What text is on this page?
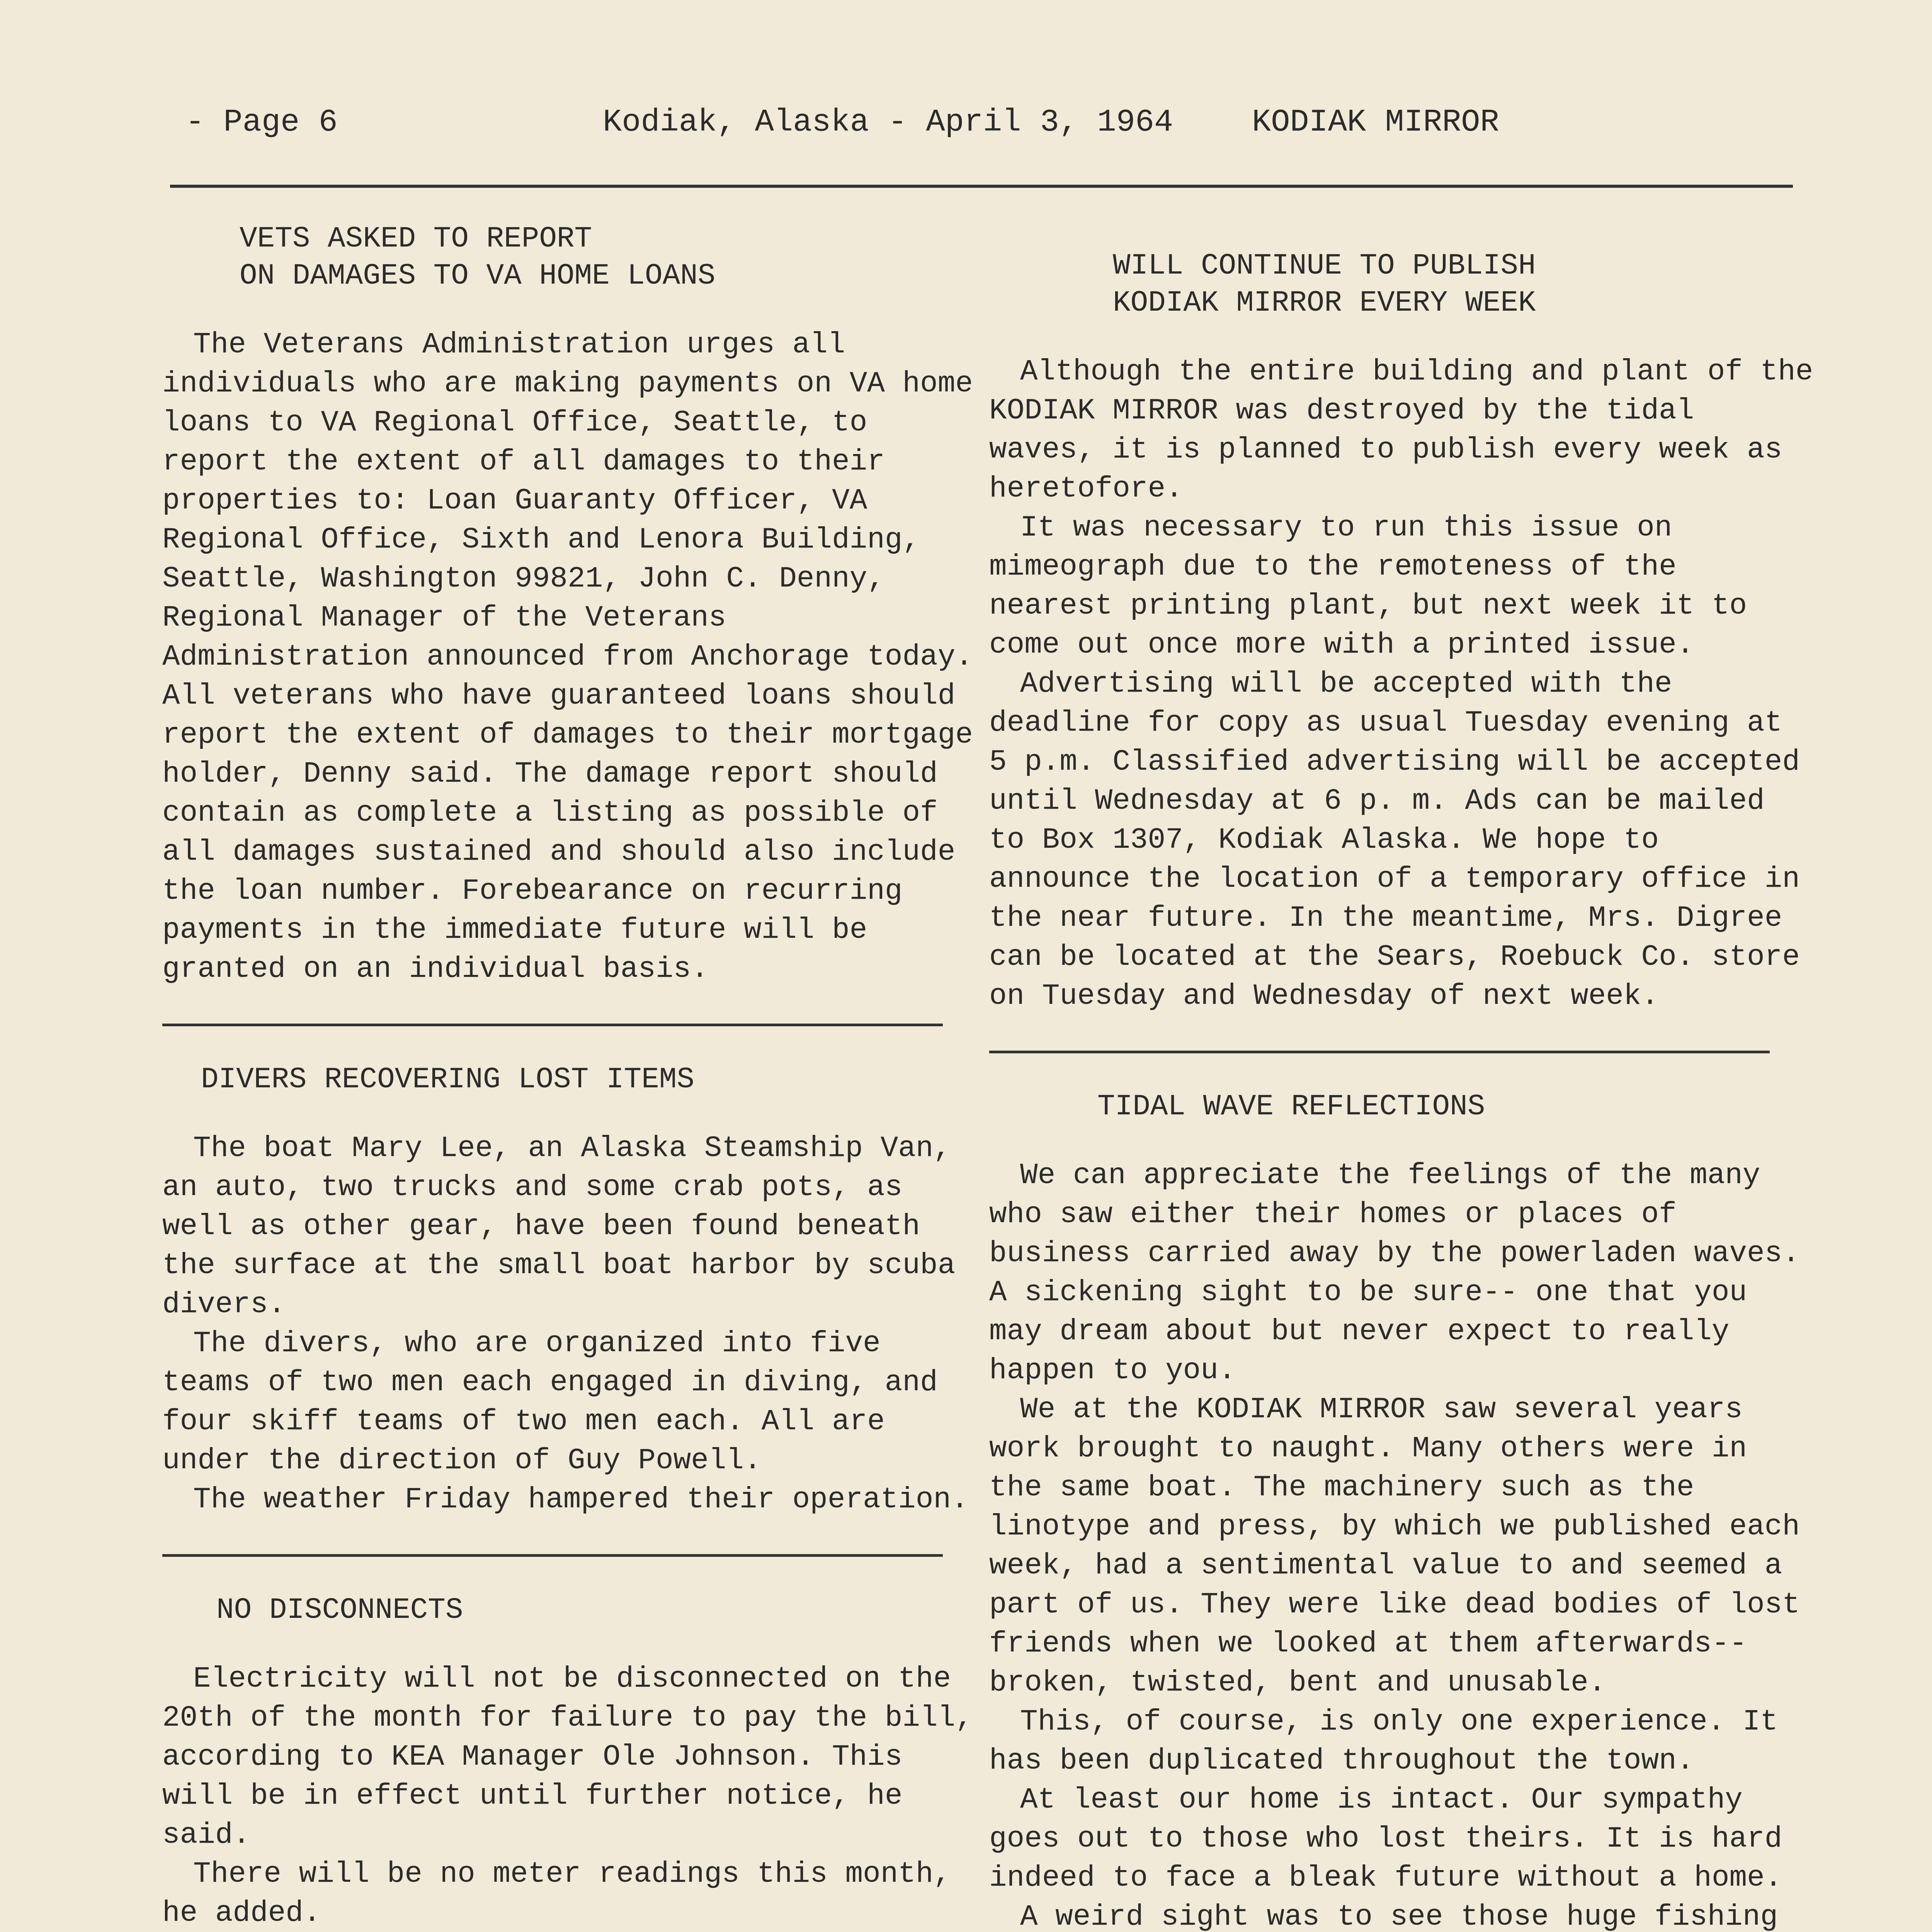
- Page 6	Kodiak, Alaska - April 3, 1964 KODIAK MIRROR
VETS ASKED TO REPORT
ON DAMAGES TO VA HOME LOANS

The Veterans Administration urges all individuals who are making payments on VA home loans to VA Regional Office, Seattle, to report the extent of all damages to their properties to: Loan Guaranty Officer, VA Regional Office, Sixth and Lenora Building, Seattle, Washington 99821, John C. Denny, Regional Manager of the Veterans Administration announced from Anchorage today. All veterans who have guaranteed loans should report the extent of damages to their mortgage holder, Denny said. The damage report should contain as complete a listing as possible of all damages sustained and should also include the loan number. Forebearance on recurring payments in the immediate future will be granted on an individual basis.

DIVERS RECOVERING LOST ITEMS

The boat Mary Lee, an Alaska Steamship Van, an auto, two trucks and some crab pots, as well as other gear, have been found beneath the surface at the small boat harbor by scuba divers.

The divers, who are organized into five teams of two men each engaged in diving, and four skiff teams of two men each. All are under the direction of Guy Powell.

The weather Friday hampered their operation.

NO DISCONNECTS

Electricity will not be disconnected on the 20th of the month for failure to pay the bill, according to KEA Manager Ole Johnson. This will be in effect until further notice, he said.

There will be no meter readings this month, he added.

WILL CONTINUE TO PUBLISH
KODIAK MIRROR EVERY WEEK

Although the entire building and plant of the KODIAK MIRROR was destroyed by the tidal waves, it is planned to publish every week as heretofore.

It was necessary to run this issue on mimeograph due to the remoteness of the nearest printing plant, but next week it to come out once more with a printed issue.

Advertising will be accepted with the deadline for copy as usual Tuesday evening at 5 p.m. Classified advertising will be accepted until Wednesday at 6 p. m. Ads can be mailed to Box 1307, Kodiak Alaska. We hope to announce the location of a temporary office in the near future. In the meantime, Mrs. Digree can be located at the Sears, Roebuck Co. store on Tuesday and Wednesday of next week.

TIDAL WAVE REFLECTIONS

We can appreciate the feelings of the many who saw either their homes or places of business carried away by the powerladen waves. A sickening sight to be sure-- one that you may dream about but never expect to really happen to you.

We at the KODIAK MIRROR saw several years work brought to naught. Many others were in the same boat. The machinery such as the linotype and press, by which we published each week, had a sentimental value to and seemed a part of us. They were like dead bodies of lost friends when we looked at them afterwards-- broken, twisted, bent and unusable.

This, of course, is only one experience. It has been duplicated throughout the town.

At least our home is intact. Our sympathy goes out to those who lost theirs. It is hard indeed to face a bleak future without a home.

A weird sight was to see those huge fishing
